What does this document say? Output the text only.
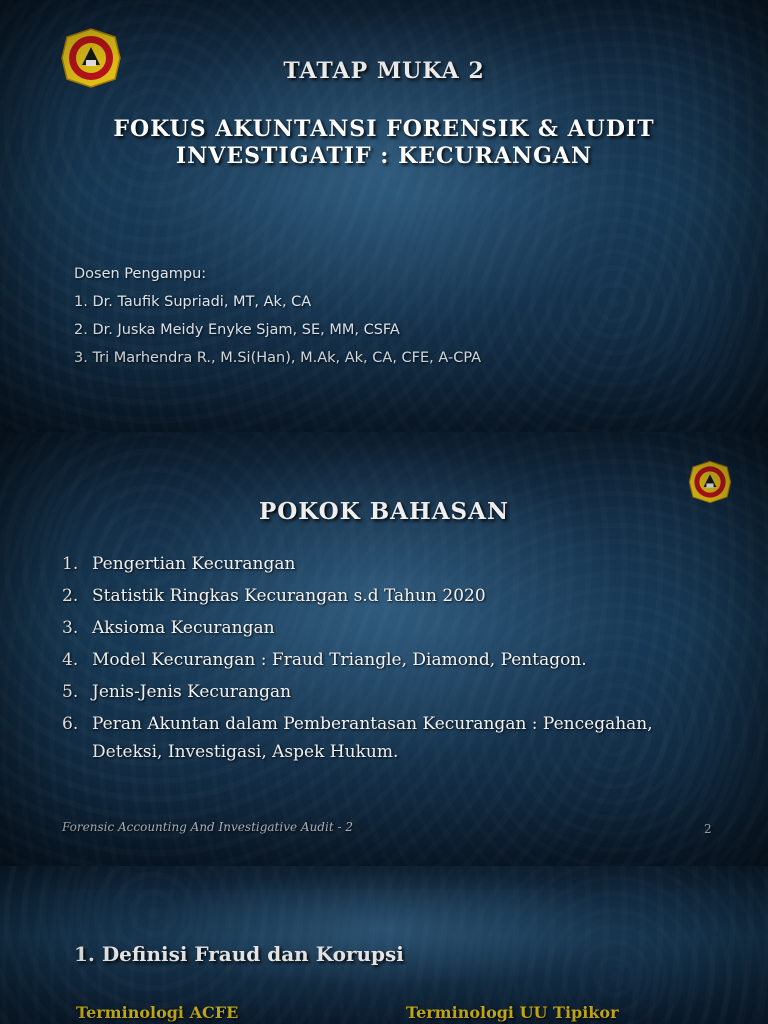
TATAP MUKA 2
FOKUS AKUNTANSI FORENSIK & AUDIT
INVESTIGATIF : KECURANGAN
Dosen Pengampu:
1. Dr. Taufik Supriadi, MT, Ak, CA
2. Dr. Juska Meidy Enyke Sjam, SE, MM, CSFA
3. Tri Marhendra R., M.Si(Han), M.Ak, Ak, CA, CFE, A-CPA
POKOK BAHASAN
1. Pengertian Kecurangan
2. Statistik Ringkas Kecurangan s.d Tahun 2020
3. Aksioma Kecurangan
4. Model Kecurangan : Fraud Triangle, Diamond, Pentagon.
5. Jenis-Jenis Kecurangan
6. Peran Akuntan dalam Pemberantasan Kecurangan : Pencegahan, Deteksi, Investigasi, Aspek Hukum.
Forensic Accounting And Investigative Audit - 2	2
1. Definisi Fraud dan Korupsi
Terminologi ACFE	Terminologi UU Tipikor
